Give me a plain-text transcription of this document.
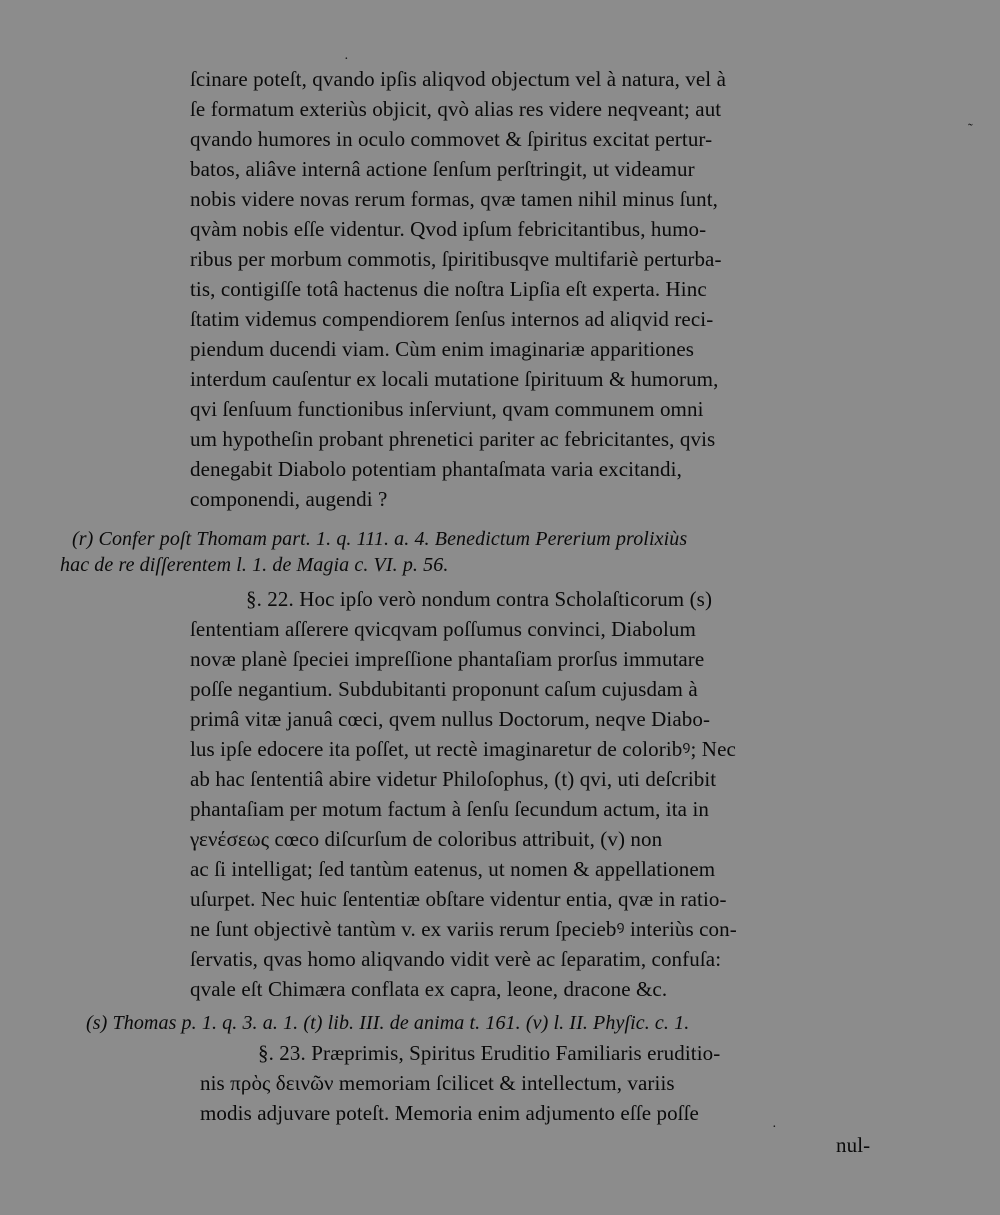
ſcinare poteſt, qvando ipſis aliqvod objectum vel à natura, vel à
ſe formatum exteriùs objicit, qvò alias res videre neqveant; aut
qvando humores in oculo commovet & ſpiritus excitat pertur-
batos, aliâve internâ actione ſenſum perſtringit, ut videamur
nobis videre novas rerum formas, qvæ tamen nihil minus ſunt,
qvàm nobis eſſe videntur. Qvod ipſum febricitantibus, humo-
ribus per morbum commotis, ſpiritibusqve multifariè perturba-
tis, contigiſſe totâ hactenus die noſtra Lipſia eſt experta. Hinc
ſtatim videmus compendiorem ſenſus internos ad aliqvid reci-
piendum ducendi viam. Cùm enim imaginariæ apparitiones
interdum cauſentur ex locali mutatione ſpirituum & humorum,
qvi ſenſuum functionibus inſerviunt, qvam communem omni
um hypotheſin probant phrenetici pariter ac febricitantes, qvis
denegabit Diabolo potentiam phantaſmata varia excitandi,
componendi, augendi ?
(r) Confer poſt Thomam part. 1. q. 111. a. 4. Benedictum Pererium prolixiùs
hac de re diſſerentem l. 1. de Magia c. VI. p. 56.
§. 22. Hoc ipſo verò nondum contra Scholaſticorum (s)
ſententiam aſſerere qvicqvam poſſumus convinci, Diabolum
novæ planè ſpeciei impreſſione phantaſiam prorſus immutare
poſſe negantium. Subdubitanti proponunt caſum cujusdam à
primâ vitæ januâ cœci, qvem nullus Doctorum, neqve Diabo-
lus ipſe edocere ita poſſet, ut rectè imaginaretur de coloribꝰ; Nec
ab hac ſententiâ abire videtur Philoſophus, (t) qvi, uti deſcribit
phantaſiam per motum factum à ſenſu ſecundum actum, ita in
γενέσεως cœco diſcurſum de coloribus attribuit, (v) non
ac ſi intelligat; ſed tantùm eatenus, ut nomen & appellationem
uſurpet. Nec huic ſententiæ obſtare videntur entia, qvæ in ratio-
ne ſunt objectivè tantùm v. ex variis rerum ſpeciebꝰ interiùs con-
ſervatis, qvas homo aliqvando vidit verè ac ſeparatim, confuſa:
qvale eſt Chimæra conflata ex capra, leone, dracone &c.
(s) Thomas p. 1. q. 3. a. 1. (t) lib. III. de anima t. 161. (v) l. II. Phyſic. c. 1.
§. 23. Præprimis, Spiritus Eruditio Familiaris eruditio-
nis πρὸς δεινῶν memoriam ſcilicet & intellectum, variis
modis adjuvare poteſt. Memoria enim adjumento eſſe poſſe
nul-
˷
·
·
